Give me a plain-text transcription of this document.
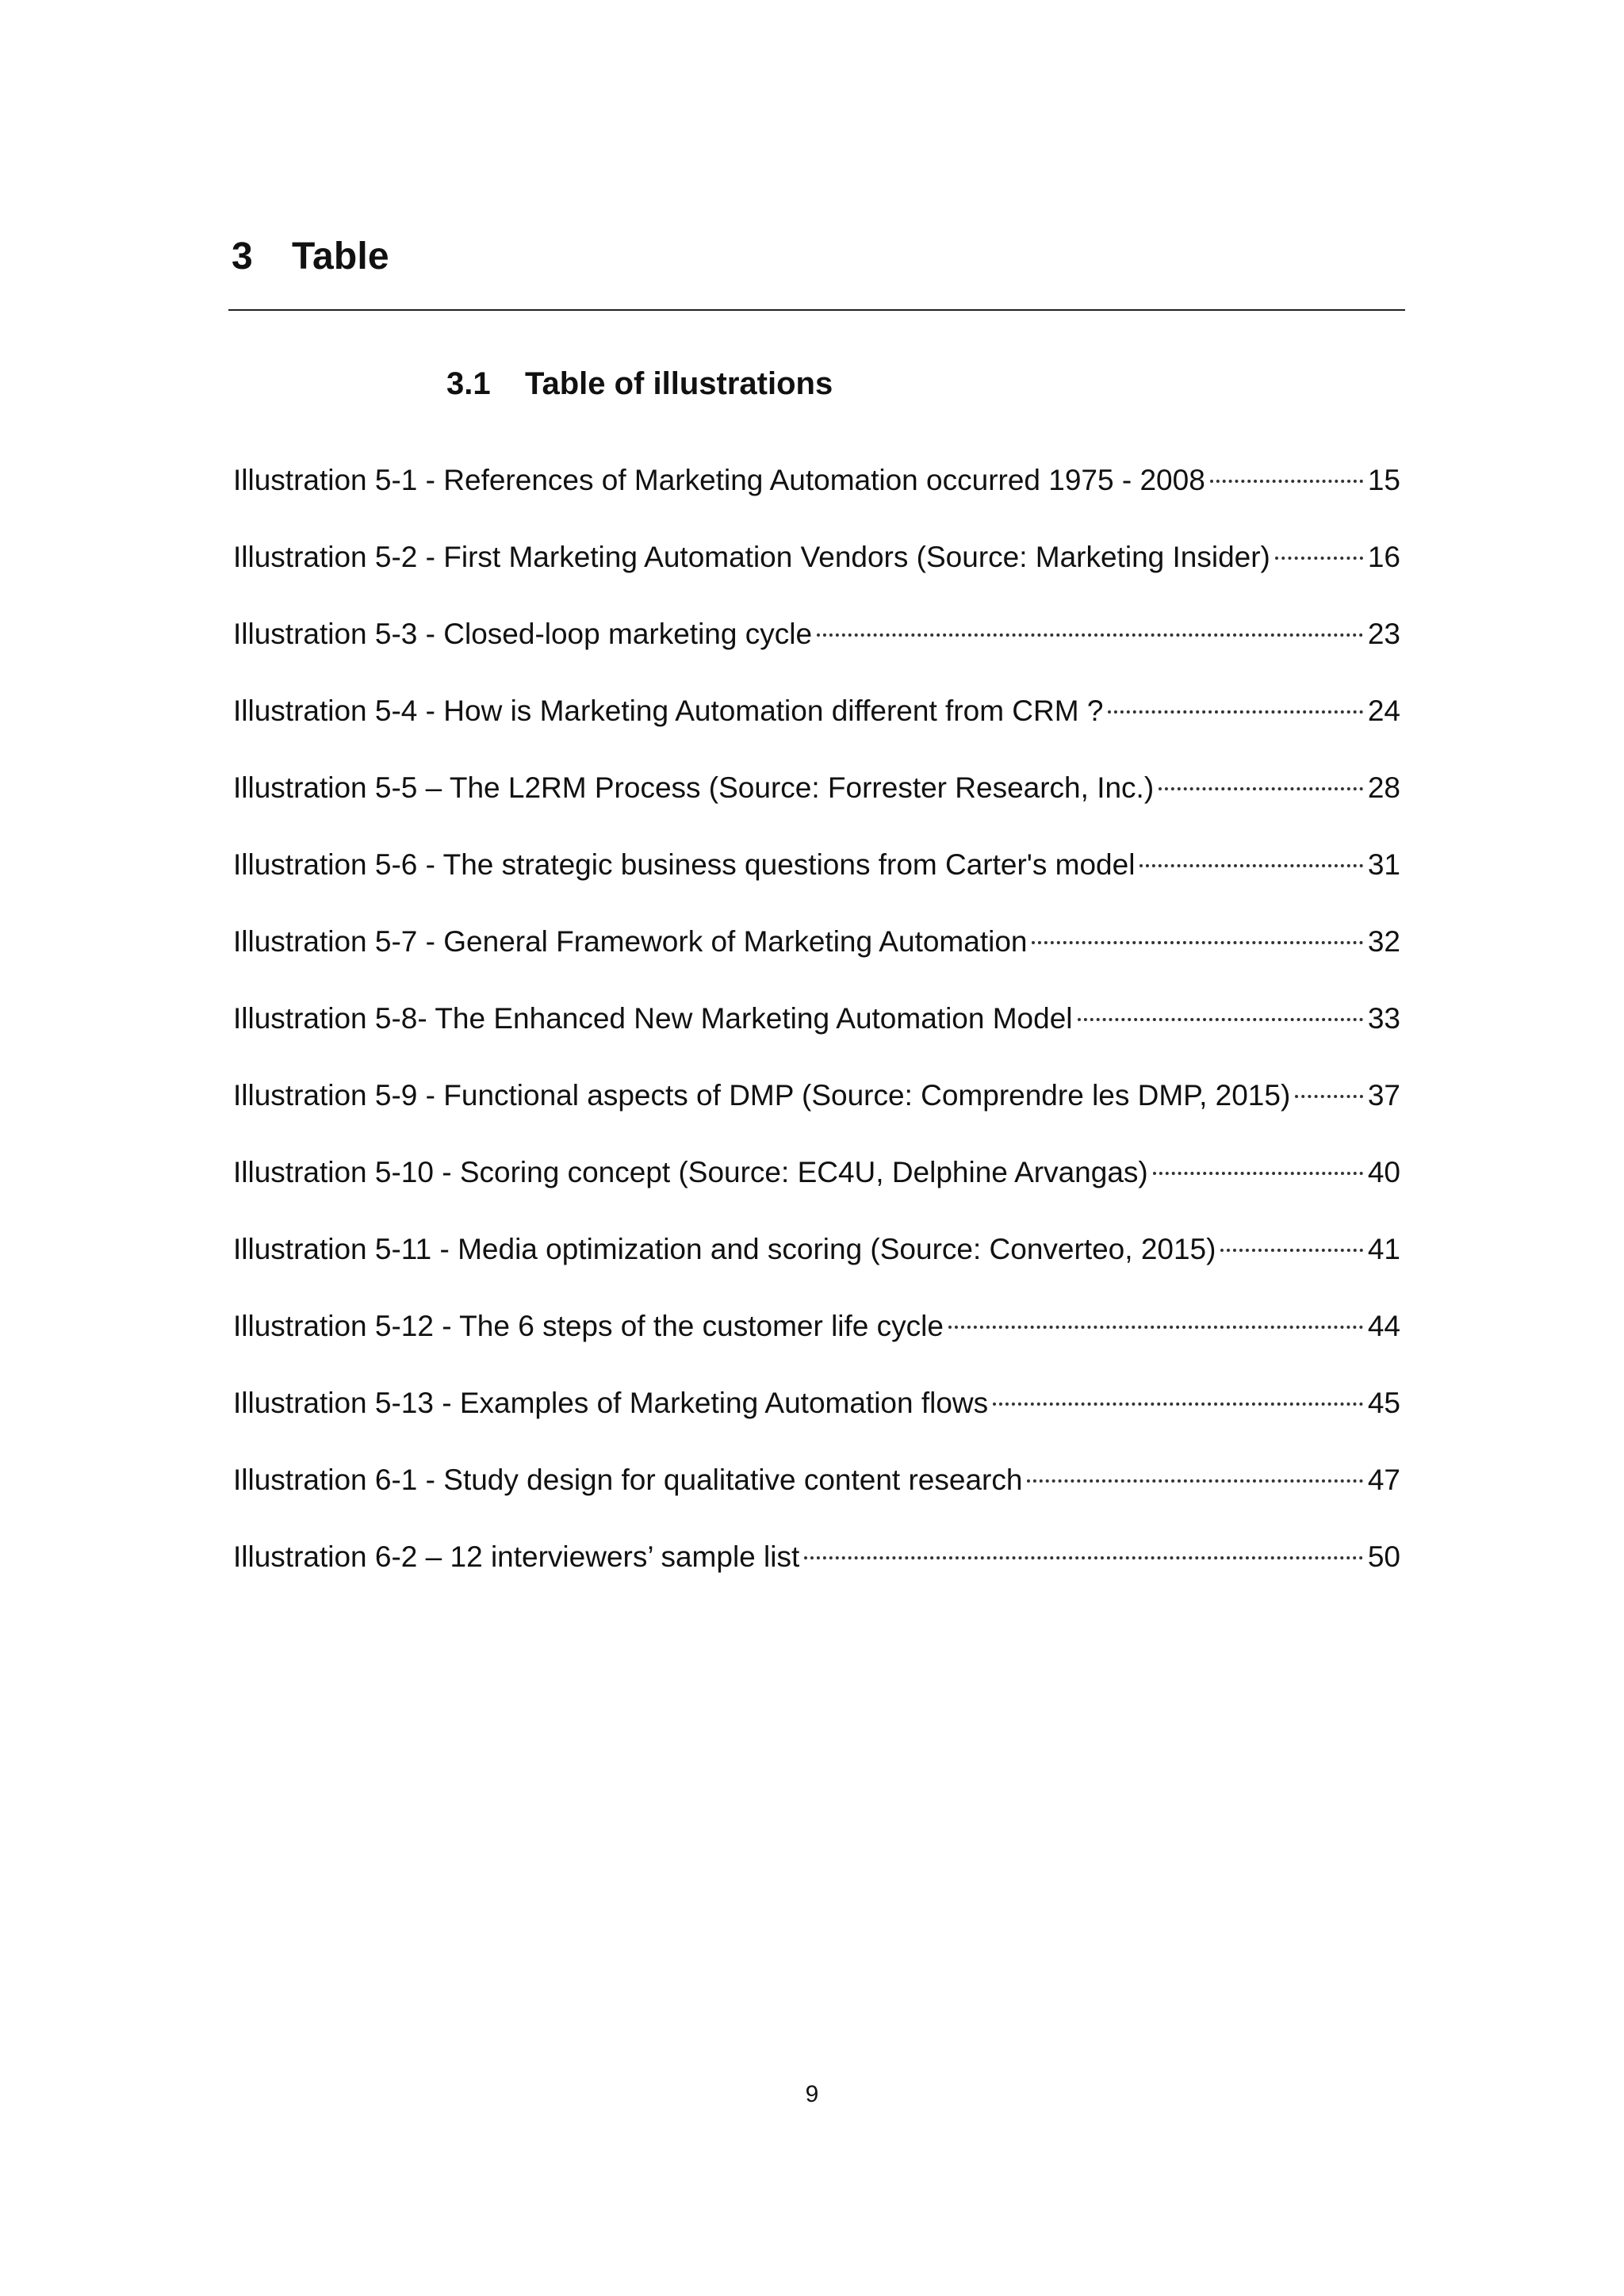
3 Table
3.1 Table of illustrations
Illustration 5-1 - References of Marketing Automation occurred 1975 - 2008	15
Illustration 5-2 - First Marketing Automation Vendors (Source: Marketing Insider)	16
Illustration 5-3 - Closed-loop marketing cycle	23
Illustration 5-4 - How is Marketing Automation different from CRM ?	24
Illustration 5-5 – The L2RM Process (Source: Forrester Research, Inc.)	28
Illustration 5-6 - The strategic business questions from Carter's model	31
Illustration 5-7 - General Framework of Marketing Automation	32
Illustration 5-8- The Enhanced New Marketing Automation Model	33
Illustration 5-9 - Functional aspects of DMP (Source: Comprendre les DMP, 2015)	37
Illustration 5-10 - Scoring concept (Source: EC4U, Delphine Arvangas)	40
Illustration 5-11 - Media optimization and scoring (Source: Converteo, 2015)	41
Illustration 5-12 - The 6 steps of the customer life cycle	44
Illustration 5-13 - Examples of Marketing Automation flows	45
Illustration 6-1 - Study design for qualitative content research	47
Illustration 6-2 – 12 interviewers’ sample list	50
9
